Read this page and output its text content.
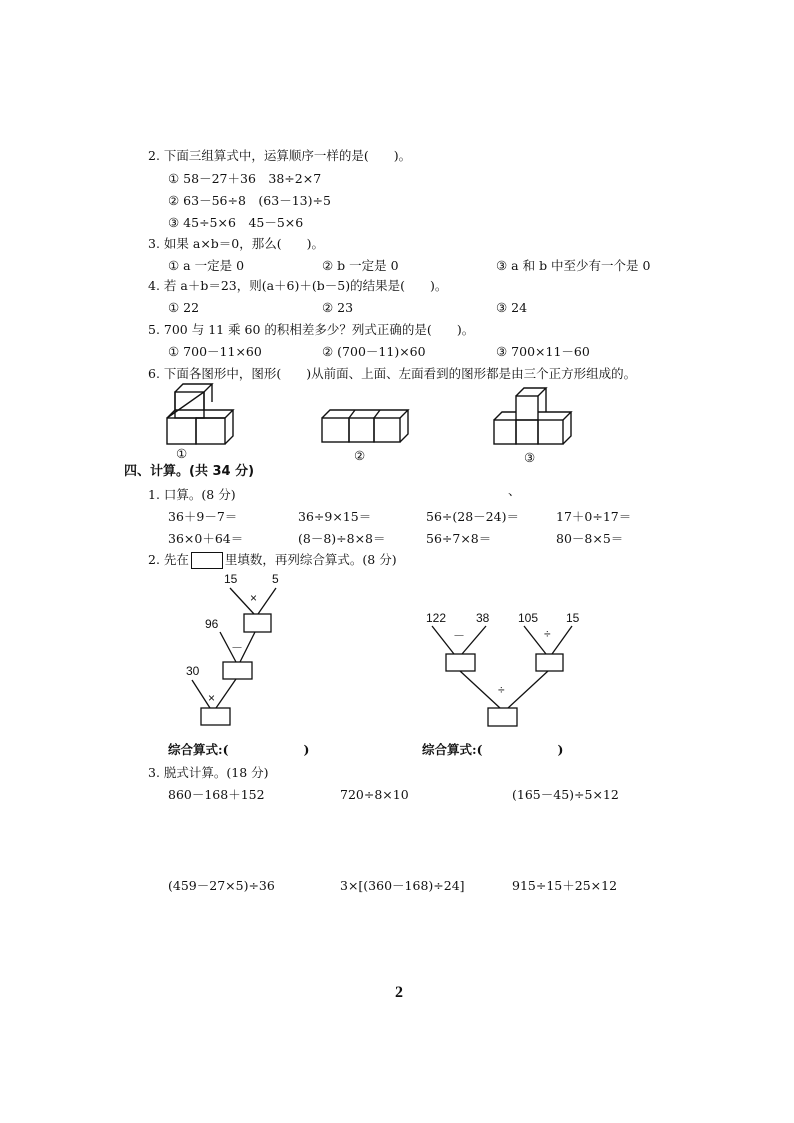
2. 下面三组算式中，运算顺序一样的是(　　)。
① 58－27＋36　38÷2×7
② 63－56÷8　(63－13)÷5
③ 45÷5×6　45－5×6
3. 如果 a×b＝0，那么(　　)。
① a 一定是 0	② b 一定是 0	③ a 和 b 中至少有一个是 0
4. 若 a＋b＝23，则(a＋6)＋(b－5)的结果是(　　)。
① 22	② 23	③ 24
5. 700 与 11 乘 60 的积相差多少？列式正确的是(　　)。
① 700－11×60	② (700－11)×60	③ 700×11－60
6. 下面各图形中，图形(　　)从前面、上面、左面看到的图形都是由三个正方形组成的。
①	②	③
四、计算。(共 34 分)
1. 口算。(8 分)	、
36＋9－7＝	36÷9×15＝	56÷(28－24)＝	17＋0÷17＝
36×0＋64＝	(8－8)÷8×8＝	56÷7×8＝	80－8×5＝
2. 先在	里填数，再列综合算式。(8 分)
15	5
×
96
－
30
×
122 38
－
105 15
÷
÷
综合算式:(　　　　　　)	综合算式:(　　　　　　)
3. 脱式计算。(18 分)
860－168＋152	720÷8×10	(165－45)÷5×12
(459－27×5)÷36	3×[(360－168)÷24]	915÷15＋25×12
2
